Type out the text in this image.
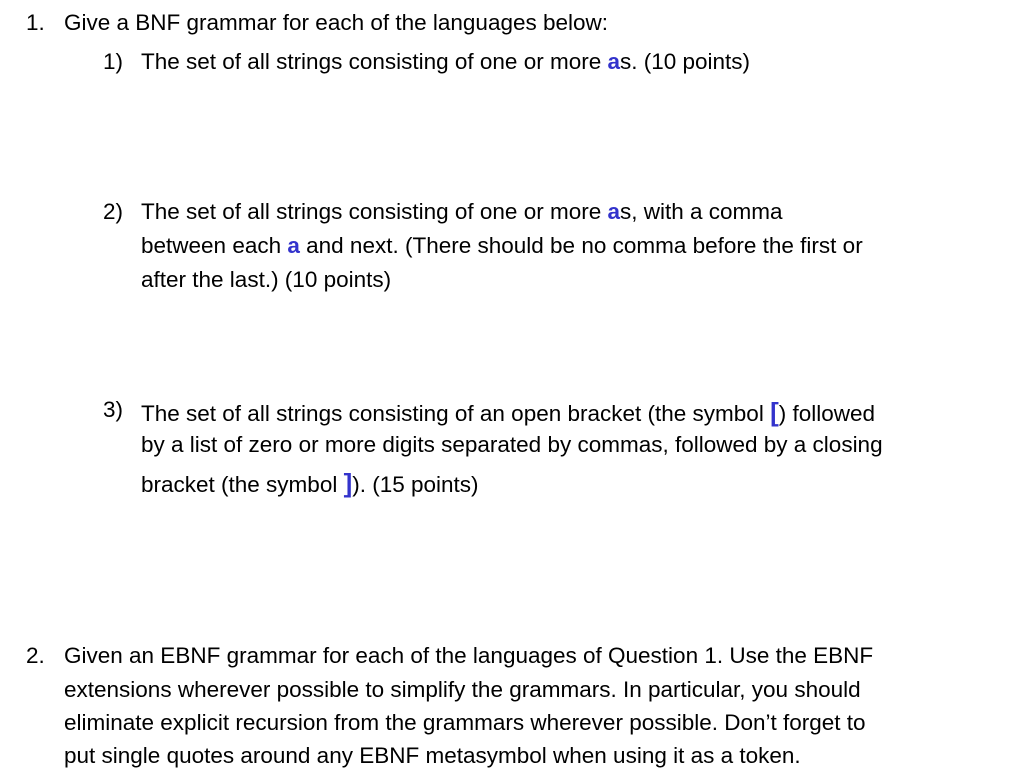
1. Give a BNF grammar for each of the languages below:
1) The set of all strings consisting of one or more as. (10 points)

2) The set of all strings consisting of one or more as, with a comma

between each a and next. (There should be no comma before the first or

after the last.) (10 points)
3) The set of all strings consisting of an open bracket (the symbol [) followed

by a list of zero or more digits separated by commas, followed by a closing

bracket (the symbol ]). (15 points)

2. Given an EBNF grammar for each of the languages of Question 1. Use the EBNF
extensions wherever possible to simplify the grammars. In particular, you should
eliminate explicit recursion from the grammars wherever possible. Don’t forget to
put single quotes around any EBNF metasymbol when using it as a token.
